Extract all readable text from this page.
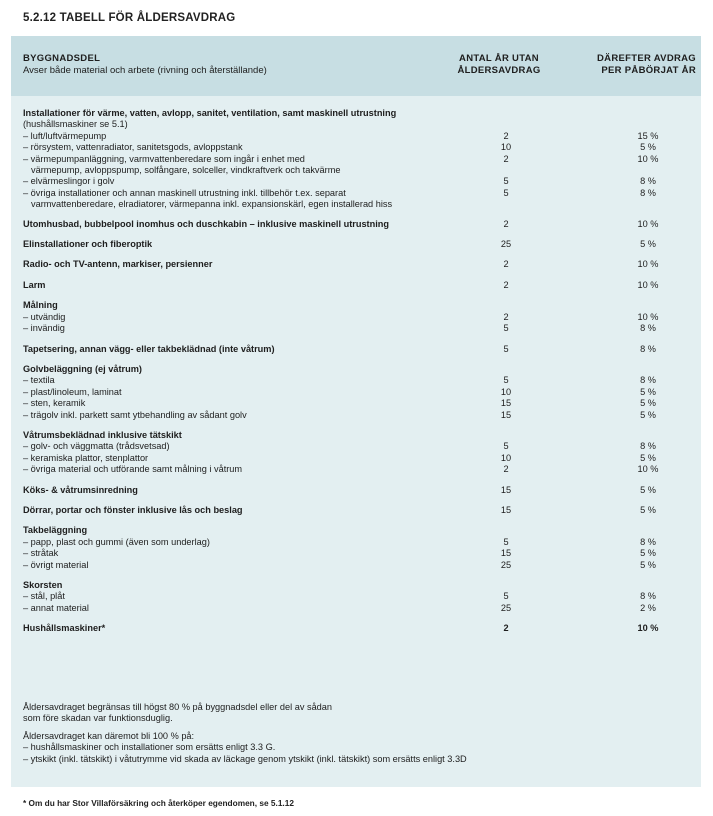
5.2.12 TABELL FÖR ÅLDERSAVDRAG
BYGGNADSDEL
Avser både material och arbete (rivning och återställande)
ANTAL ÅR UTAN
ÅLDERSAVDRAG
DÄREFTER AVDRAG
PER PÅBÖRJAT ÅR
Installationer för värme, vatten, avlopp, sanitet, ventilation, samt maskinell utrustning
(hushållsmaskiner se 5.1)
– luft/luftvärmepump	2	15 %
– rörsystem, vattenradiator, sanitetsgods, avloppstank	10	5 %
– värmepumpanläggning, varmvattenberedare som ingår i enhet med	2	10 %
värmepump, avloppspump, solfångare, solceller, vindkraftverk och takvärme
– elvärmeslingor i golv	5	8 %
– övriga installationer och annan maskinell utrustning inkl. tillbehör t.ex. separat	5	8 %
varmvattenberedare, elradiatorer, värmepanna inkl. expansionskärl, egen installerad hiss
Utomhusbad, bubbelpool inomhus och duschkabin – inklusive maskinell utrustning	2	10 %
Elinstallationer och fiberoptik	25	5 %
Radio- och TV-antenn, markiser, persienner	2	10 %
Larm	2	10 %
Målning
– utvändig	2	10 %
– invändig	5	8 %
Tapetsering, annan vägg- eller takbeklädnad (inte våtrum)	5	8 %
Golvbeläggning (ej våtrum)
– textila	5	8 %
– plast/linoleum, laminat	10	5 %
– sten, keramik	15	5 %
– trägolv inkl. parkett samt ytbehandling av sådant golv	15	5 %
Våtrumsbeklädnad inklusive tätskikt
– golv- och väggmatta (trådsvetsad)	5	8 %
– keramiska plattor, stenplattor	10	5 %
– övriga material och utförande samt målning i våtrum	2	10 %
Köks- & våtrumsinredning	15	5 %
Dörrar, portar och fönster inklusive lås och beslag	15	5 %
Takbeläggning
– papp, plast och gummi (även som underlag)	5	8 %
– stråtak	15	5 %
– övrigt material	25	5 %
Skorsten
– stål, plåt	5	8 %
– annat material	25	2 %
Hushållsmaskiner*	2	10 %

Åldersavdraget begränsas till högst 80 % på byggnadsdel eller del av sådan
som före skadan var funktionsduglig.

Åldersavdraget kan däremot bli 100 % på:
– hushållsmaskiner och installationer som ersätts enligt 3.3 G.
– ytskikt (inkl. tätskikt) i våtutrymme vid skada av läckage genom ytskikt (inkl. tätskikt) som ersätts enligt 3.3D

* Om du har Stor Villaförsäkring och återköper egendomen, se 5.1.12
